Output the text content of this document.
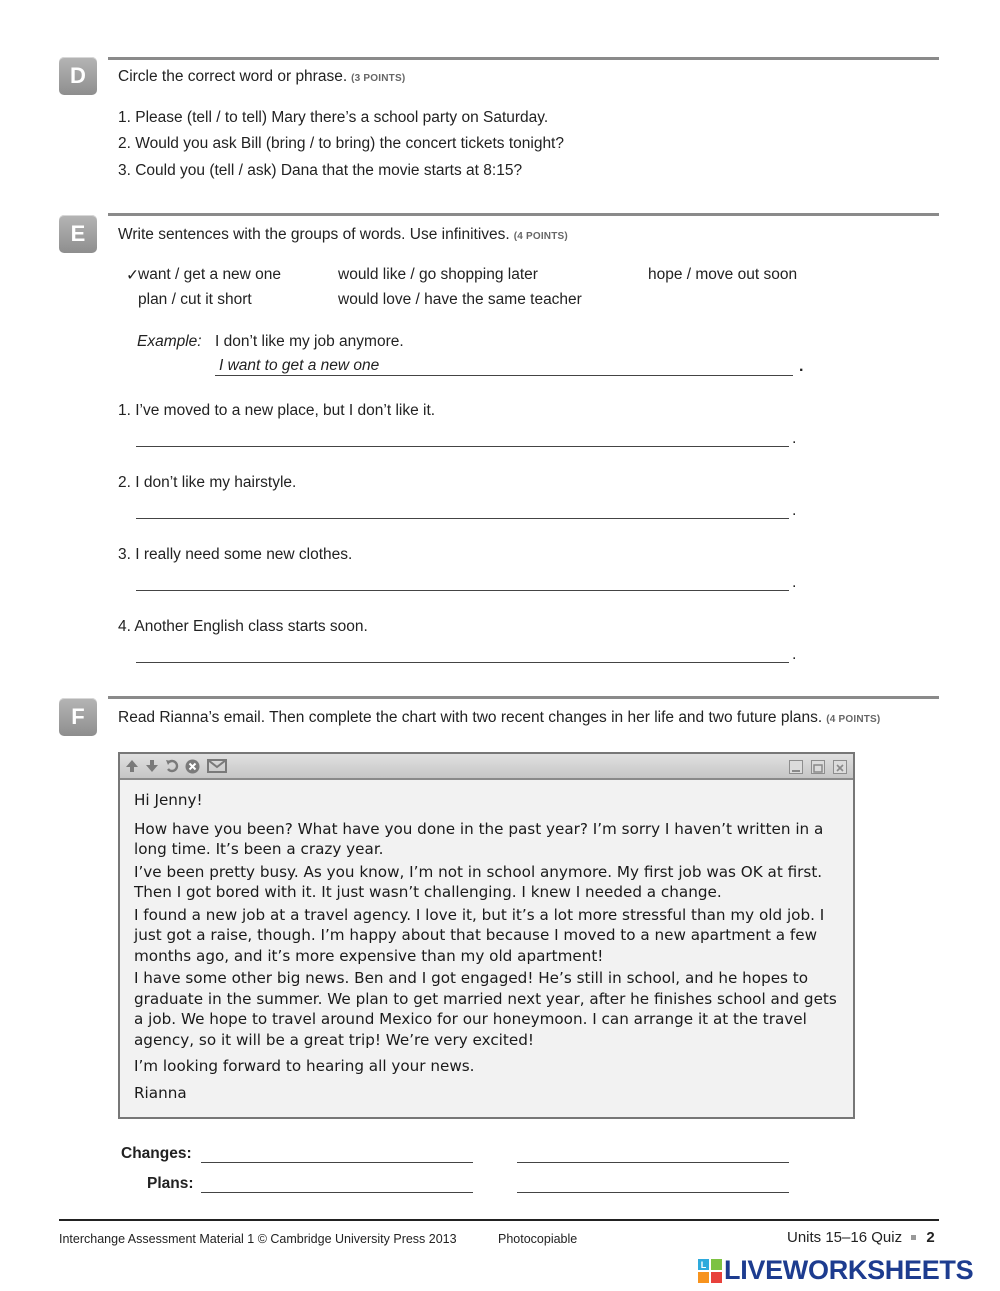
D	Circle the correct word or phrase. (3 POINTS)
1. Please (tell / to tell) Mary there’s a school party on Saturday.
2. Would you ask Bill (bring / to bring) the concert tickets tonight?
3. Could you (tell / ask) Dana that the movie starts at 8:15?
E	Write sentences with the groups of words. Use infinitives. (4 POINTS)
✓ want / get a new one	would like / go shopping later	hope / move out soon
plan / cut it short	would love / have the same teacher
Example: I don’t like my job anymore.
I want to get a new one	.
1. I’ve moved to a new place, but I don’t like it.
.
2. I don’t like my hairstyle.
.
3. I really need some new clothes.
.
4. Another English class starts soon.
.
F	Read Rianna’s email. Then complete the chart with two recent changes in her life and two future plans. (4 POINTS)

Hi Jenny!

How have you been? What have you done in the past year? I’m sorry I haven’t written in a long time. It’s been a crazy year.

I’ve been pretty busy. As you know, I’m not in school anymore. My first job was OK at first. Then I got bored with it. It just wasn’t challenging. I knew I needed a change.

I found a new job at a travel agency. I love it, but it’s a lot more stressful than my old job. I just got a raise, though. I’m happy about that because I moved to a new apartment a few months ago, and it’s more expensive than my old apartment!

I have some other big news. Ben and I got engaged! He’s still in school, and he hopes to graduate in the summer. We plan to get married next year, after he finishes school and gets a job. We hope to travel around Mexico for our honeymoon. I can arrange it at the travel agency, so it will be a great trip! We’re very excited!

I’m looking forward to hearing all your news.

Rianna

Changes:
Plans:
Interchange Assessment Material 1 © Cambridge University Press 2013	Photocopiable	Units 15–16 Quiz 2
L LIVEWORKSHEETS
